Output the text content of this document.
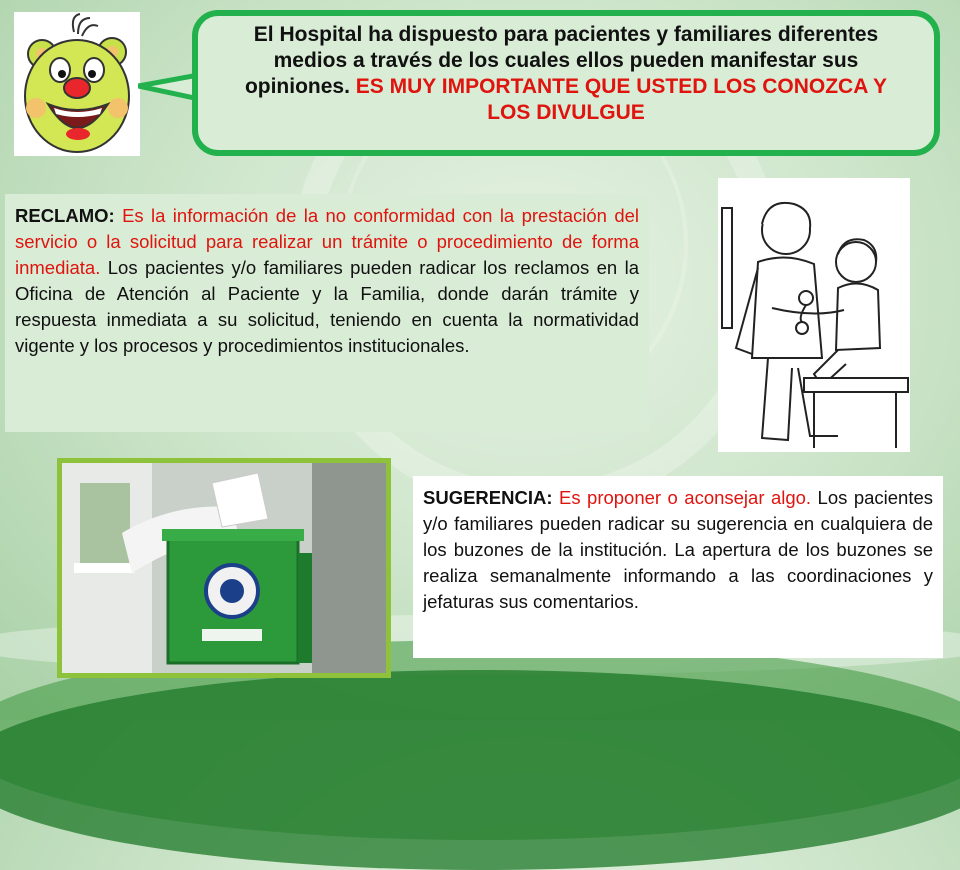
El Hospital ha dispuesto para pacientes y familiares diferentes medios a través de los cuales ellos pueden manifestar sus opiniones. ES MUY IMPORTANTE QUE USTED LOS CONOZCA Y LOS DIVULGUE
RECLAMO: Es la información de la no conformidad con la prestación del servicio o la solicitud para realizar un trámite o procedimiento de forma inmediata. Los pacientes y/o familiares pueden radicar los reclamos en la Oficina de Atención al Paciente y la Familia, donde darán trámite y respuesta inmediata a su solicitud, teniendo en cuenta la normatividad vigente y los procesos y procedimientos institucionales.
SUGERENCIA: Es proponer o aconsejar algo. Los pacientes y/o familiares pueden radicar su sugerencia en cualquiera de los buzones de la institución. La apertura de los buzones se realiza semanalmente informando a las coordinaciones y jefaturas sus comentarios.
